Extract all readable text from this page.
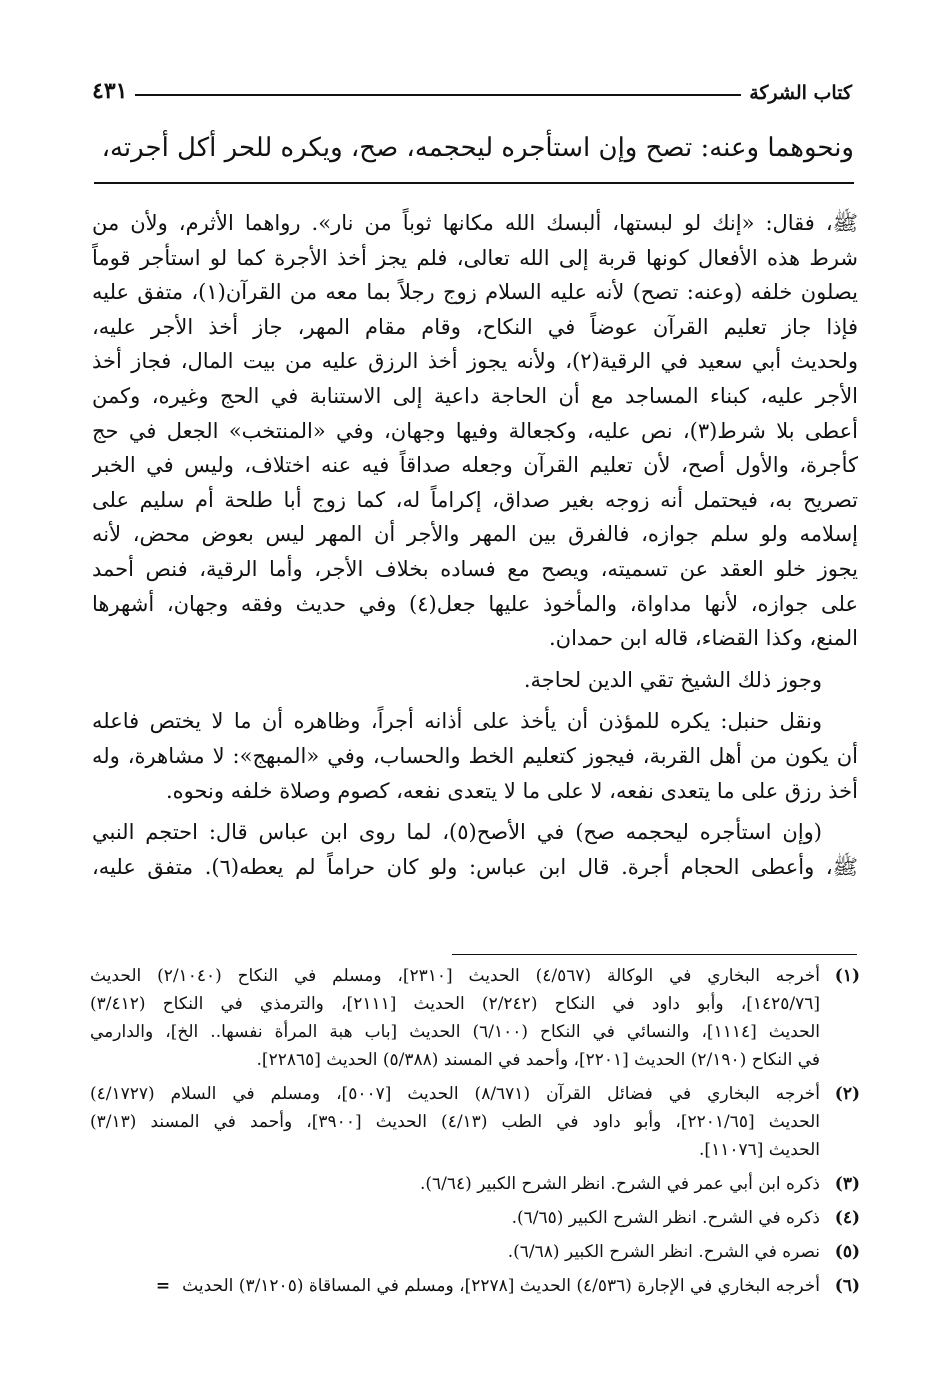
كتاب الشركة
٤٣١
ونحوهما وعنه: تصح وإن استأجره ليحجمه، صح، ويكره للحر أكل أجرته،

ﷺ، فقال: «إنك لو لبستها، ألبسك الله مكانها ثوباً من نار». رواهما الأثرم، ولأن من
شرط هذه الأفعال كونها قربة إلى الله تعالى، فلم يجز أخذ الأجرة كما لو استأجر قوماً
يصلون خلفه (وعنه: تصح) لأنه عليه السلام زوج رجلاً بما معه من القرآن(١)، متفق عليه
فإذا جاز تعليم القرآن عوضاً في النكاح، وقام مقام المهر، جاز أخذ الأجر عليه،
ولحديث أبي سعيد في الرقية(٢)، ولأنه يجوز أخذ الرزق عليه من بيت المال، فجاز أخذ
الأجر عليه، كبناء المساجد مع أن الحاجة داعية إلى الاستنابة في الحج وغيره، وكمن
أعطى بلا شرط(٣)، نص عليه، وكجعالة وفيها وجهان، وفي «المنتخب» الجعل في حج
كأجرة، والأول أصح، لأن تعليم القرآن وجعله صداقاً فيه عنه اختلاف، وليس في الخبر
تصريح به، فيحتمل أنه زوجه بغير صداق، إكراماً له، كما زوج أبا طلحة أم سليم على
إسلامه ولو سلم جوازه، فالفرق بين المهر والأجر أن المهر ليس بعوض محض، لأنه
يجوز خلو العقد عن تسميته، ويصح مع فساده بخلاف الأجر، وأما الرقية، فنص أحمد
على جوازه، لأنها مداواة، والمأخوذ عليها جعل(٤) وفي حديث وفقه وجهان، أشهرها
المنع، وكذا القضاء، قاله ابن حمدان.

وجوز ذلك الشيخ تقي الدين لحاجة.

ونقل حنبل: يكره للمؤذن أن يأخذ على أذانه أجراً، وظاهره أن ما لا يختص فاعله
أن يكون من أهل القربة، فيجوز كتعليم الخط والحساب، وفي «المبهج»: لا مشاهرة، وله
أخذ رزق على ما يتعدى نفعه، لا على ما لا يتعدى نفعه، كصوم وصلاة خلفه ونحوه.

(وإن استأجره ليحجمه صح) في الأصح(٥)، لما روى ابن عباس قال: احتجم النبي
ﷺ، وأعطى الحجام أجرة. قال ابن عباس: ولو كان حراماً لم يعطه(٦). متفق عليه،

(١)
أخرجه البخاري في الوكالة (٤/٥٦٧) الحديث [٢٣١٠]، ومسلم في النكاح (٢/١٠٤٠) الحديث
[١٤٢٥/٧٦]، وأبو داود في النكاح (٢/٢٤٢) الحديث [٢١١١]، والترمذي في النكاح (٣/٤١٢)
الحديث [١١١٤]، والنسائي في النكاح (٦/١٠٠) الحديث [باب هبة المرأة نفسها.. الخ]، والدارمي
في النكاح (٢/١٩٠) الحديث [٢٢٠١]، وأحمد في المسند (٥/٣٨٨) الحديث [٢٢٨٦٥].
(٢)
أخرجه البخاري في فضائل القرآن (٨/٦٧١) الحديث [٥٠٠٧]، ومسلم في السلام (٤/١٧٢٧)
الحديث [٢٢٠١/٦٥]، وأبو داود في الطب (٤/١٣) الحديث [٣٩٠٠]، وأحمد في المسند (٣/١٣)
الحديث [١١٠٧٦].
(٣)
ذكره ابن أبي عمر في الشرح. انظر الشرح الكبير (٦/٦٤).
(٤)
ذكره في الشرح. انظر الشرح الكبير (٦/٦٥).
(٥)
نصره في الشرح. انظر الشرح الكبير (٦/٦٨).
(٦)
أخرجه البخاري في الإجارة (٤/٥٣٦) الحديث [٢٢٧٨]، ومسلم في المساقاة (٣/١٢٠٥) الحديث=
